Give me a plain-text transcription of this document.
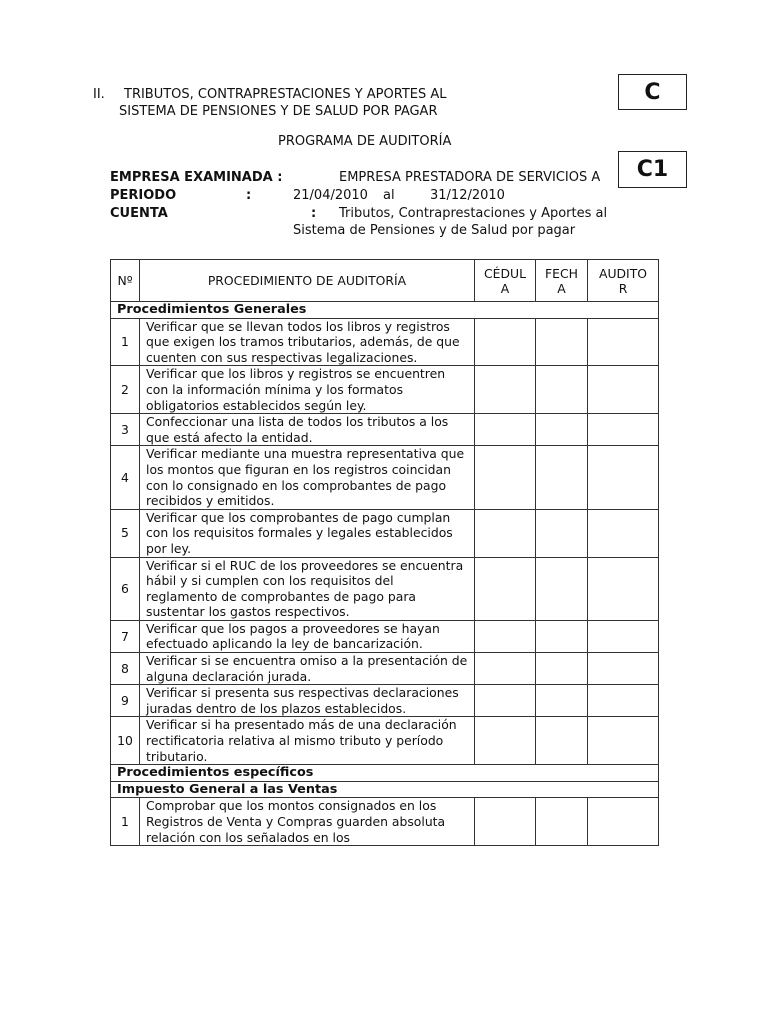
II. TRIBUTOS, CONTRAPRESTACIONES Y APORTES AL
SISTEMA DE PENSIONES Y DE SALUD POR PAGAR
PROGRAMA DE AUDITORÍA
EMPRESA EXAMINADA :	EMPRESA PRESTADORA DE SERVICIOS A
PERIODO	:	21/04/2010 al	31/12/2010
CUENTA	: Tributos, Contraprestaciones y Aportes al
Sistema de Pensiones y de Salud por pagar
C
C1
Nº	PROCEDIMIENTO DE AUDITORÍA	CÉDULA	FECHA	AUDITOR
Procedimientos Generales				
1	Verificar que se llevan todos los libros y registros que exigen los tramos tributarios, además, de que cuenten con sus respectivas legalizaciones.			
2	Verificar que los libros y registros se encuentren con la información mínima y los formatos obligatorios establecidos según ley.			
3	Confeccionar una lista de todos los tributos a los que está afecto la entidad.			
4	Verificar mediante una muestra representativa que los montos que figuran en los registros coincidan con lo consignado en los comprobantes de pago recibidos y emitidos.			
5	Verificar que los comprobantes de pago cumplan con los requisitos formales y legales establecidos por ley.			
6	Verificar si el RUC de los proveedores se encuentra hábil y si cumplen con los requisitos del reglamento de comprobantes de pago para sustentar los gastos respectivos.			
7	Verificar que los pagos a proveedores se hayan efectuado aplicando la ley de bancarización.			
8	Verificar si se encuentra omiso a la presentación de alguna declaración jurada.			
9	Verificar si presenta sus respectivas declaraciones juradas dentro de los plazos establecidos.			
10	Verificar si ha presentado más de una declaración rectificatoria relativa al mismo tributo y período tributario.			
Procedimientos específicos				
Impuesto General a las Ventas				
1	Comprobar que los montos consignados en los Registros de Venta y Compras guarden absoluta relación con los señalados en los			
